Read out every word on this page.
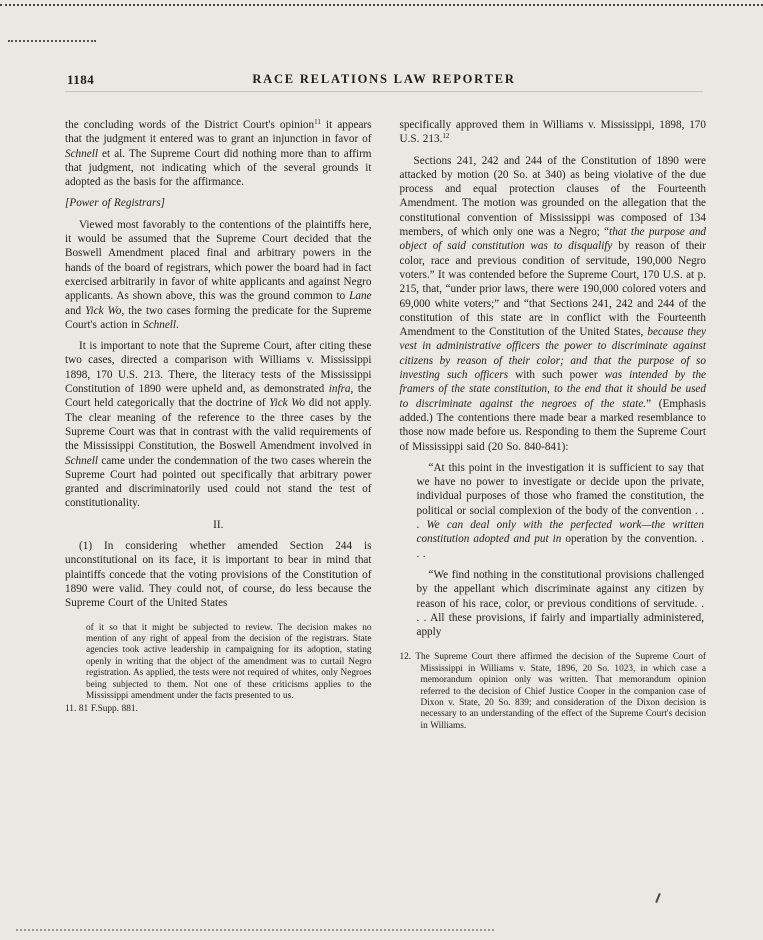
1184	RACE RELATIONS LAW REPORTER

the concluding words of the District Court's opinion$^{11}$ it appears that the judgment it entered was to grant an injunction in favor of Schnell et al. The Supreme Court did nothing more than to affirm that judgment, not indicating which of the several grounds it adopted as the basis for the affirmance.

[Power of Registrars]

Viewed most favorably to the contentions of the plaintiffs here, it would be assumed that the Supreme Court decided that the Boswell Amendment placed final and arbitrary powers in the hands of the board of registrars, which power the board had in fact exercised arbitrarily in favor of white applicants and against Negro applicants. As shown above, this was the ground common to Lane and Yick Wo, the two cases forming the predicate for the Supreme Court's action in Schnell.

It is important to note that the Supreme Court, after citing these two cases, directed a comparison with Williams v. Mississippi 1898, 170 U.S. 213. There, the literacy tests of the Mississippi Constitution of 1890 were upheld and, as demonstrated infra, the Court held categorically that the doctrine of Yick Wo did not apply. The clear meaning of the reference to the three cases by the Supreme Court was that in contrast with the valid requirements of the Mississippi Constitution, the Boswell Amendment involved in Schnell came under the condemnation of the two cases wherein the Supreme Court had pointed out specifically that arbitrary power granted and discriminatorily used could not stand the test of constitutionality.

II.

(1) In considering whether amended Section 244 is unconstitutional on its face, it is important to bear in mind that plaintiffs concede that the voting provisions of the Constitution of 1890 were valid. They could not, of course, do less because the Supreme Court of the United States

of it so that it might be subjected to review. The decision makes no mention of any right of appeal from the decision of the registrars. State agencies took active leadership in campaigning for its adoption, stating openly in writing that the object of the amendment was to curtail Negro registration. As applied, the tests were not required of whites, only Negroes being subjected to them. Not one of these criticisms applies to the Mississippi amendment under the facts presented to us.

11. 81 F.Supp. 881.

specifically approved them in Williams v. Mississippi, 1898, 170 U.S. 213.12

Sections 241, 242 and 244 of the Constitution of 1890 were attacked by motion (20 So. at 340) as being violative of the due process and equal protection clauses of the Fourteenth Amendment. The motion was grounded on the allegation that the constitutional convention of Mississippi was composed of 134 members, of which only one was a Negro; “that the purpose and object of said constitution was to disqualify by reason of their color, race and previous condition of servitude, 190,000 Negro voters.” It was contended before the Supreme Court, 170 U.S. at p. 215, that, “under prior laws, there were 190,000 colored voters and 69,000 white voters;” and “that Sections 241, 242 and 244 of the constitution of this state are in conflict with the Fourteenth Amendment to the Constitution of the United States, because they vest in administrative officers the power to discriminate against citizens by reason of their color; and that the purpose of so investing such officers with such power was intended by the framers of the state constitution, to the end that it should be used to discriminate against the negroes of the state.” (Emphasis added.) The contentions there made bear a marked resemblance to those now made before us. Responding to them the Supreme Court of Mississippi said (20 So. 840-841):

“At this point in the investigation it is sufficient to say that we have no power to investigate or decide upon the private, individual purposes of those who framed the constitution, the political or social complexion of the body of the convention . . . We can deal only with the perfected work—the written constitution adopted and put in operation by the convention. . . .

“We find nothing in the constitutional provisions challenged by the appellant which discriminate against any citizen by reason of his race, color, or previous conditions of servitude. . . . All these provisions, if fairly and impartially administered, apply

12. The Supreme Court there affirmed the decision of the Supreme Court of Mississippi in Williams v. State, 1896, 20 So. 1023, in which case a memorandum opinion only was written. That memorandum opinion referred to the decision of Chief Justice Cooper in the companion case of Dixon v. State, 20 So. 839; and consideration of the Dixon decision is necessary to an understanding of the effect of the Supreme Court's decision in Williams.
